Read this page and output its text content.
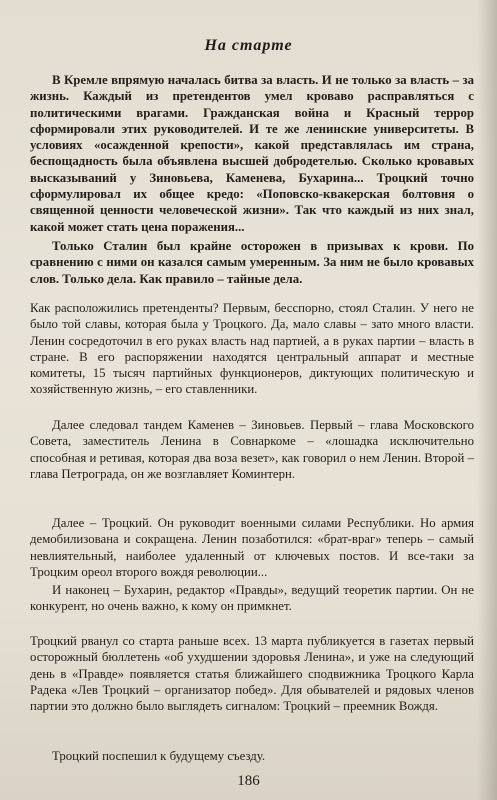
На старте

В Кремле впрямую началась битва за власть. И не только за власть – за жизнь. Каждый из претендентов умел кроваво расправляться с политическими врагами. Гражданская война и Красный террор сформировали этих руководителей. И те же ленинские университеты. В условиях «осажденной крепости», какой представлялась им страна, беспощадность была объявлена высшей добродетелью. Сколько кровавых высказываний у Зиновьева, Каменева, Бухарина... Троцкий точно сформулировал их общее кредо: «Поповско-квакерская болтовня о священной ценности человеческой жизни». Так что каждый из них знал, какой может стать цена поражения...

Только Сталин был крайне осторожен в призывах к крови. По сравнению с ними он казался самым умеренным. За ним не было кровавых слов. Только дела. Как правило – тайные дела.

Как расположились претенденты? Первым, бесспорно, стоял Сталин. У него не было той славы, которая была у Троцкого. Да, мало славы – зато много власти. Ленин сосредоточил в его руках власть над партией, а в руках партии – власть в стране. В его распоряжении находятся центральный аппарат и местные комитеты, 15 тысяч партийных функционеров, диктующих политическую и хозяйственную жизнь, – его ставленники.

Далее следовал тандем Каменев – Зиновьев. Первый – глава Московского Совета, заместитель Ленина в Совнаркоме – «лошадка исключительно способная и ретивая, которая два воза везет», как говорил о нем Ленин. Второй – глава Петрограда, он же возглавляет Коминтерн.

Далее – Троцкий. Он руководит военными силами Республики. Но армия демобилизована и сокращена. Ленин позаботился: «брат-враг» теперь – самый невлиятельный, наиболее удаленный от ключевых постов. И все-таки за Троцким ореол второго вождя революции...

И наконец – Бухарин, редактор «Правды», ведущий теоретик партии. Он не конкурент, но очень важно, к кому он примкнет.

Троцкий рванул со старта раньше всех. 13 марта публикуется в газетах первый осторожный бюллетень «об ухудшении здоровья Ленина», и уже на следующий день в «Правде» появляется статья ближайшего сподвижника Троцкого Карла Радека «Лев Троцкий – организатор побед». Для обывателей и рядовых членов партии это должно было выглядеть сигналом: Троцкий – преемник Вождя.

Троцкий поспешил к будущему съезду.

186
